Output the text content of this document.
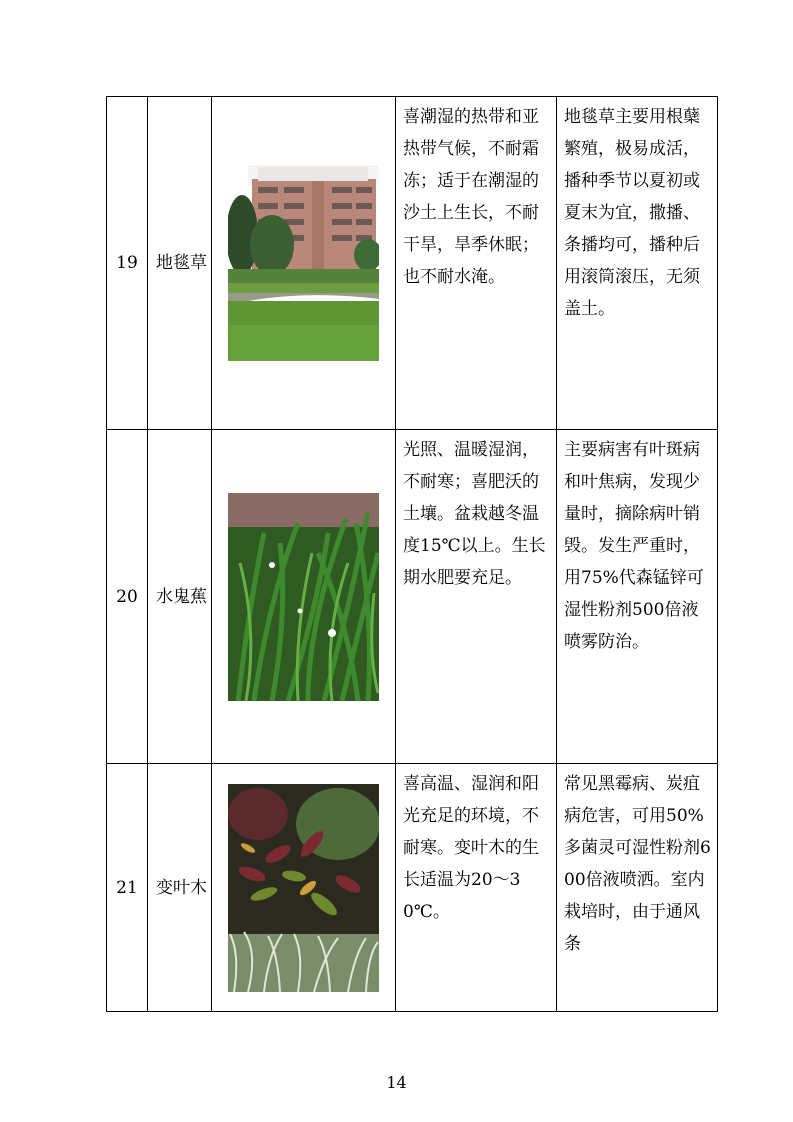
19	地毯草		喜潮湿的热带和亚热带气候，不耐霜冻；适于在潮湿的沙土上生长，不耐干旱，旱季休眠；也不耐水淹。	地毯草主要用根蘖繁殖，极易成活，播种季节以夏初或夏末为宜，撒播、条播均可，播种后用滚筒滚压，无须盖土。
20	水鬼蕉		光照、温暖湿润，不耐寒；喜肥沃的土壤。盆栽越冬温度15℃以上。生长期水肥要充足。	主要病害有叶斑病和叶焦病，发现少量时，摘除病叶销毁。发生严重时，用75%代森锰锌可湿性粉剂500倍液喷雾防治。
21	变叶木		喜高温、湿润和阳光充足的环境，不耐寒。变叶木的生长适温为20～30℃。	常见黑霉病、炭疽病危害，可用50%多菌灵可湿性粉剂600倍液喷洒。室内栽培时，由于通风条
14
